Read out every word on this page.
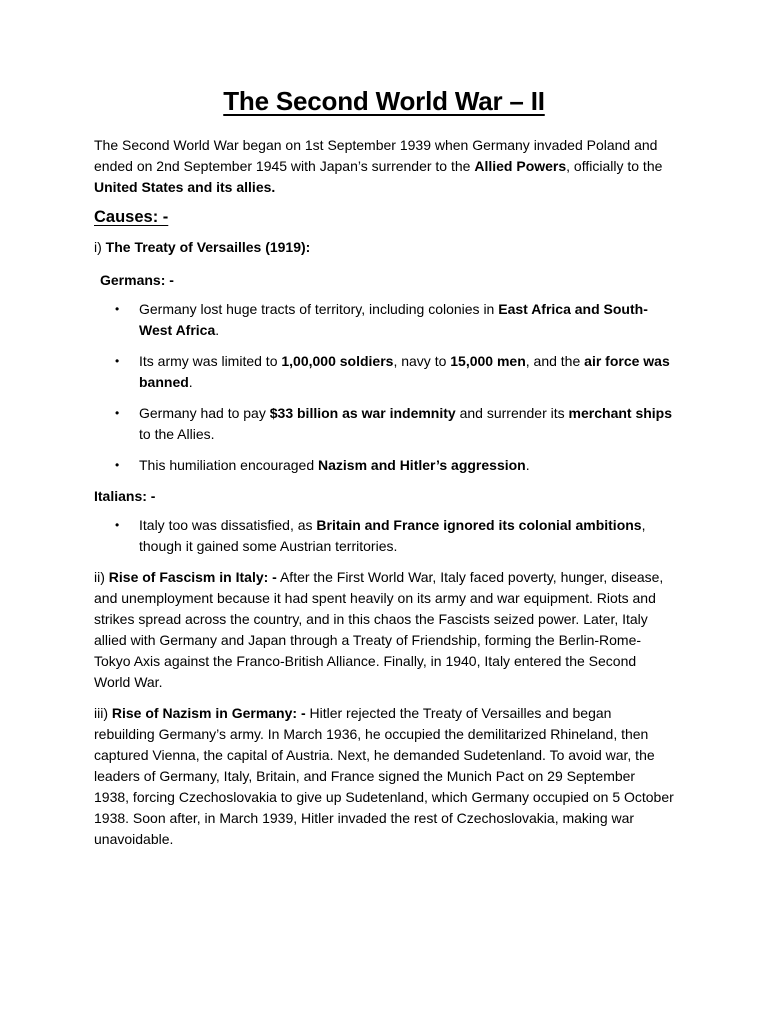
The Second World War – II

The Second World War began on 1st September 1939 when Germany invaded Poland and ended on 2nd September 1945 with Japan’s surrender to the Allied Powers, officially to the United States and its allies.

Causes: -

i) The Treaty of Versailles (1919):

Germans: -
• Germany lost huge tracts of territory, including colonies in East Africa and South-West Africa.
• Its army was limited to 1,00,000 soldiers, navy to 15,000 men, and the air force was banned.
• Germany had to pay $33 billion as war indemnity and surrender its merchant ships to the Allies.
• This humiliation encouraged Nazism and Hitler’s aggression.
Italians: -
• Italy too was dissatisfied, as Britain and France ignored its colonial ambitions, though it gained some Austrian territories.

ii) Rise of Fascism in Italy: - After the First World War, Italy faced poverty, hunger, disease, and unemployment because it had spent heavily on its army and war equipment. Riots and strikes spread across the country, and in this chaos the Fascists seized power. Later, Italy allied with Germany and Japan through a Treaty of Friendship, forming the Berlin-Rome-Tokyo Axis against the Franco-British Alliance. Finally, in 1940, Italy entered the Second World War.

iii) Rise of Nazism in Germany: - Hitler rejected the Treaty of Versailles and began rebuilding Germany’s army. In March 1936, he occupied the demilitarized Rhineland, then captured Vienna, the capital of Austria. Next, he demanded Sudetenland. To avoid war, the leaders of Germany, Italy, Britain, and France signed the Munich Pact on 29 September 1938, forcing Czechoslovakia to give up Sudetenland, which Germany occupied on 5 October 1938. Soon after, in March 1939, Hitler invaded the rest of Czechoslovakia, making war unavoidable.
